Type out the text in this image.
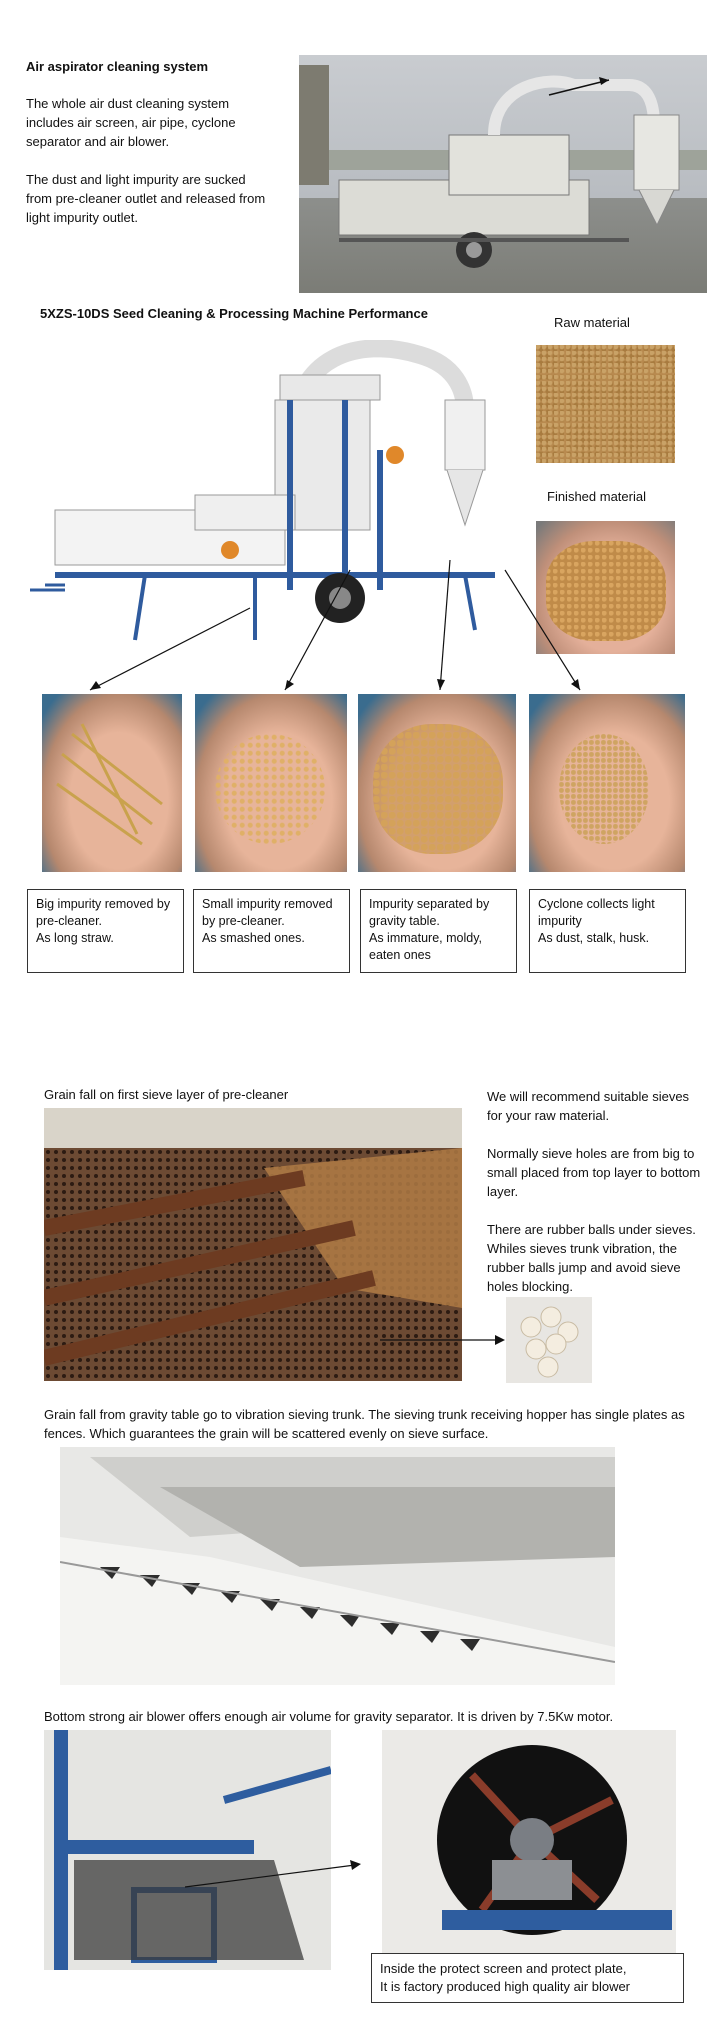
Air aspirator cleaning system
The whole air dust cleaning system includes air screen, air pipe, cyclone separator and air blower.
The dust and light impurity are sucked from pre-cleaner outlet and released from light impurity outlet.
5XZS-10DS Seed Cleaning & Processing Machine Performance
Raw material
Finished material
Big impurity removed by pre-cleaner.
As long straw.
Small impurity removed by pre-cleaner.
As smashed ones.
Impurity separated by gravity table.
As immature, moldy, eaten ones
Cyclone collects light impurity
As dust, stalk, husk.
Grain fall on first sieve layer of pre-cleaner	We will recommend suitable sieves for your raw material.
Normally sieve holes are from big to small placed from top layer to bottom layer.
There are rubber balls under sieves. Whiles sieves trunk vibration, the rubber balls jump and avoid sieve holes blocking.
Grain fall from gravity table go to vibration sieving trunk. The sieving trunk receiving hopper has single plates as fences. Which guarantees the grain will be scattered evenly on sieve surface.
Bottom strong air blower offers enough air volume for gravity separator. It is driven by 7.5Kw motor.
Inside the protect screen and protect plate,
It is factory produced high quality air blower
